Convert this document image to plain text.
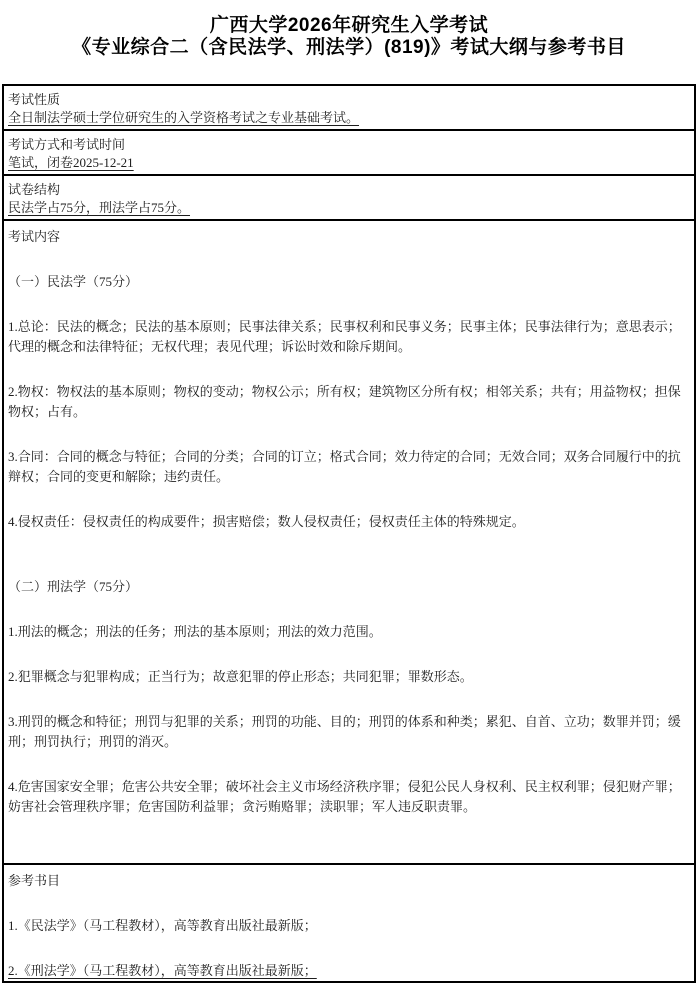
广西大学2026年研究生入学考试
《专业综合二（含民法学、刑法学）(819)》考试大纲与参考书目
考试性质
全日制法学硕士学位研究生的入学资格考试之专业基础考试。
考试方式和考试时间
笔试，闭卷2025-12-21
试卷结构
民法学占75分，刑法学占75分。
考试内容

（一）民法学（75分）

1.总论：民法的概念；民法的基本原则；民事法律关系；民事权利和民事义务；民事主体；民事法律行为；意思表示；代理的概念和法律特征；无权代理；表见代理；诉讼时效和除斥期间。

2.物权：物权法的基本原则；物权的变动；物权公示；所有权；建筑物区分所有权；相邻关系；共有；用益物权；担保物权；占有。

3.合同：合同的概念与特征；合同的分类；合同的订立；格式合同；效力待定的合同；无效合同；双务合同履行中的抗辩权；合同的变更和解除；违约责任。

4.侵权责任：侵权责任的构成要件；损害赔偿；数人侵权责任；侵权责任主体的特殊规定。

（二）刑法学（75分）

1.刑法的概念；刑法的任务；刑法的基本原则；刑法的效力范围。

2.犯罪概念与犯罪构成；正当行为；故意犯罪的停止形态；共同犯罪；罪数形态。

3.刑罚的概念和特征；刑罚与犯罪的关系；刑罚的功能、目的；刑罚的体系和种类；累犯、自首、立功；数罪并罚；缓刑；刑罚执行；刑罚的消灭。

4.危害国家安全罪；危害公共安全罪；破坏社会主义市场经济秩序罪；侵犯公民人身权利、民主权利罪；侵犯财产罪；妨害社会管理秩序罪；危害国防利益罪；贪污贿赂罪；渎职罪；军人违反职责罪。

参考书目

1.《民法学》（马工程教材），高等教育出版社最新版；

2.《刑法学》（马工程教材），高等教育出版社最新版；
